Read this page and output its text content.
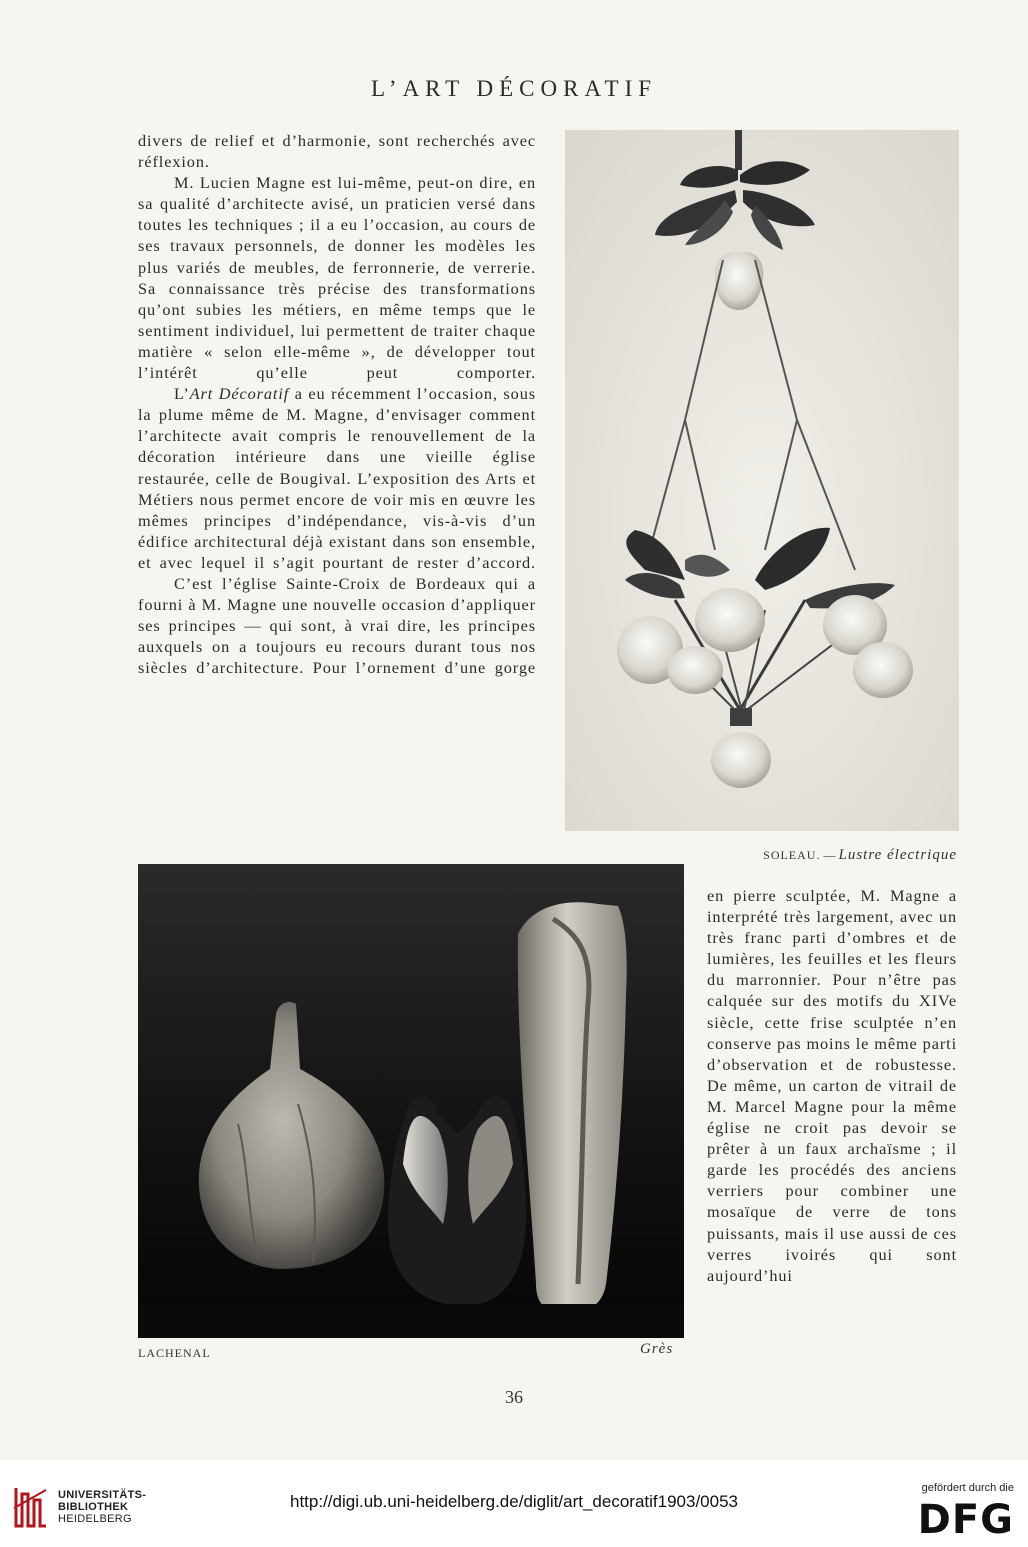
L’ART DÉCORATIF

divers de relief et d’harmonie, sont recherchés avec réflexion.

M. Lucien Magne est lui-même, peut-on dire, en sa qualité d’architecte avisé, un praticien versé dans toutes les techniques ; il a eu l’occasion, au cours de ses travaux personnels, de donner les modèles les plus variés de meubles, de ferronnerie, de verrerie. Sa connaissance très précise des transformations qu’ont subies les métiers, en même temps que le sentiment individuel, lui permettent de traiter chaque matière « selon elle-même », de développer tout l’intérêt qu’elle peut comporter.

L’Art Décoratif a eu récemment l’occasion, sous la plume même de M. Magne, d’envisager comment l’architecte avait compris le renouvellement de la décoration intérieure dans une vieille église restaurée, celle de Bougival. L’exposition des Arts et Métiers nous permet encore de voir mis en œuvre les mêmes principes d’indépendance, vis-à-vis d’un édifice architectural déjà existant dans son ensemble, et avec lequel il s’agit pourtant de rester d’accord.

C’est l’église Sainte-Croix de Bordeaux qui a fourni à M. Magne une nouvelle occasion d’appliquer ses principes — qui sont, à vrai dire, les principes auxquels on a toujours eu recours durant tous nos siècles d’architecture. Pour l’ornement d’une gorge

SOLEAU. — Lustre électrique
LACHENAL	Grès

en pierre sculptée, M. Magne a interprété très largement, avec un très franc parti d’ombres et de lumières, les feuilles et les fleurs du marronnier. Pour n’être pas calquée sur des motifs du XIVe siècle, cette frise sculptée n’en conserve pas moins le même parti d’observation et de robustesse. De même, un carton de vitrail de M. Marcel Magne pour la même église ne croit pas devoir se prêter à un faux archaïsme ; il garde les procédés des anciens verriers pour combiner une mosaïque de verre de tons puissants, mais il use aussi de ces verres ivoirés qui sont aujourd’hui

36
UNIVERSITÄTS-
BIBLIOTHEK
HEIDELBERG
http://digi.ub.uni-heidelberg.de/diglit/art_decoratif1903/0053
gefördert durch die
DFG
